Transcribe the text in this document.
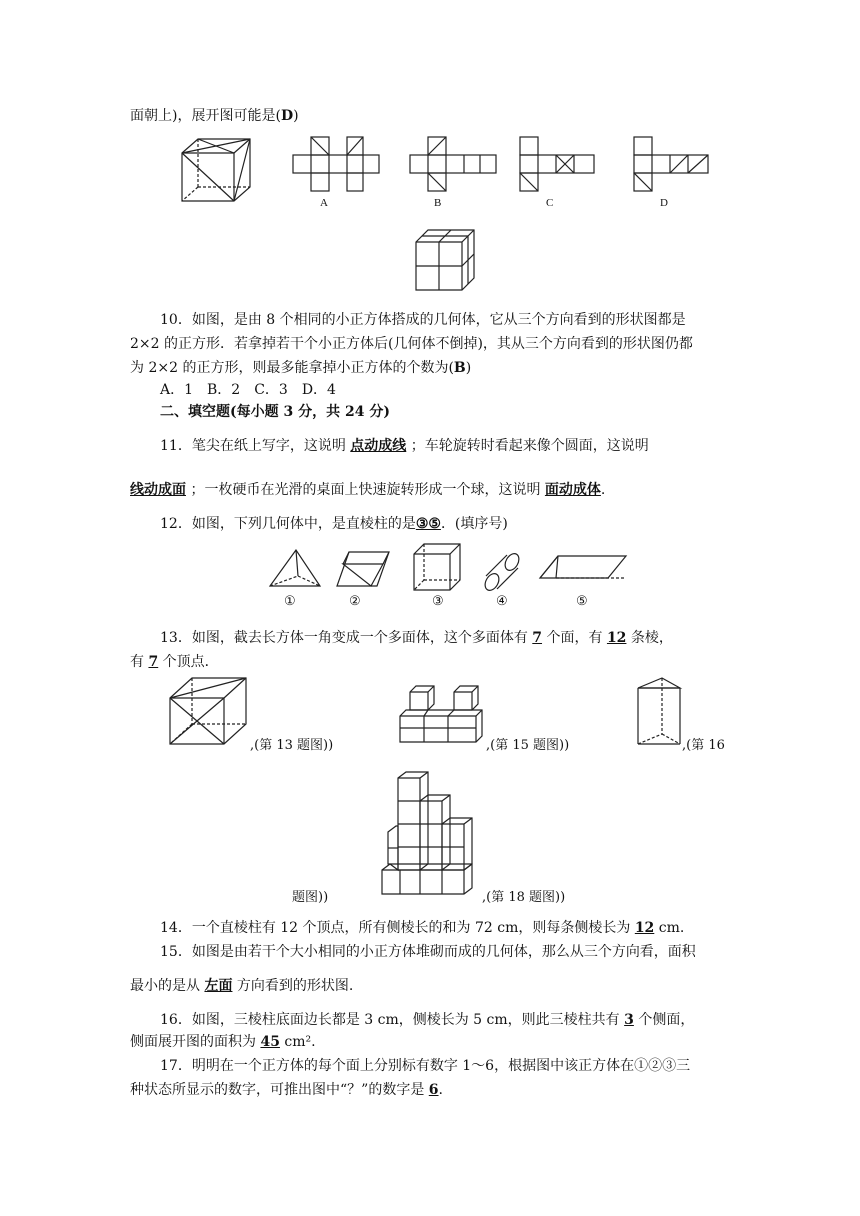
面朝上)，展开图可能是(D)
A	B	C	D
10．如图，是由 8 个相同的小正方体搭成的几何体，它从三个方向看到的形状图都是
2×2 的正方形．若拿掉若干个小正方体后(几何体不倒掉)，其从三个方向看到的形状图仍都
为 2×2 的正方形，则最多能拿掉小正方体的个数为(B)
A．1　B．2　C．3　D．4
二、填空题(每小题 3 分，共 24 分)
11．笔尖在纸上写字，这说明 点动成线 ；车轮旋转时看起来像个圆面，这说明
线动成面 ；一枚硬币在光滑的桌面上快速旋转形成一个球，这说明 面动成体.
12．如图，下列几何体中，是直棱柱的是③⑤．(填序号)
①	②	③	④	⑤
13．如图，截去长方体一角变成一个多面体，这个多面体有 7 个面，有 12 条棱，
有 7 个顶点．
,(第 13 题图))	,(第 15 题图))	,(第 16
题图))	,(第 18 题图))
14．一个直棱柱有 12 个顶点，所有侧棱长的和为 72 cm，则每条侧棱长为 12 cm.
15．如图是由若干个大小相同的小正方体堆砌而成的几何体，那么从三个方向看，面积
最小的是从 左面 方向看到的形状图.
16．如图，三棱柱底面边长都是 3 cm，侧棱长为 5 cm，则此三棱柱共有 3 个侧面，
侧面展开图的面积为 45 cm².
17．明明在一个正方体的每个面上分别标有数字 1～6，根据图中该正方体在①②③三
种状态所显示的数字，可推出图中“？”的数字是 6.
